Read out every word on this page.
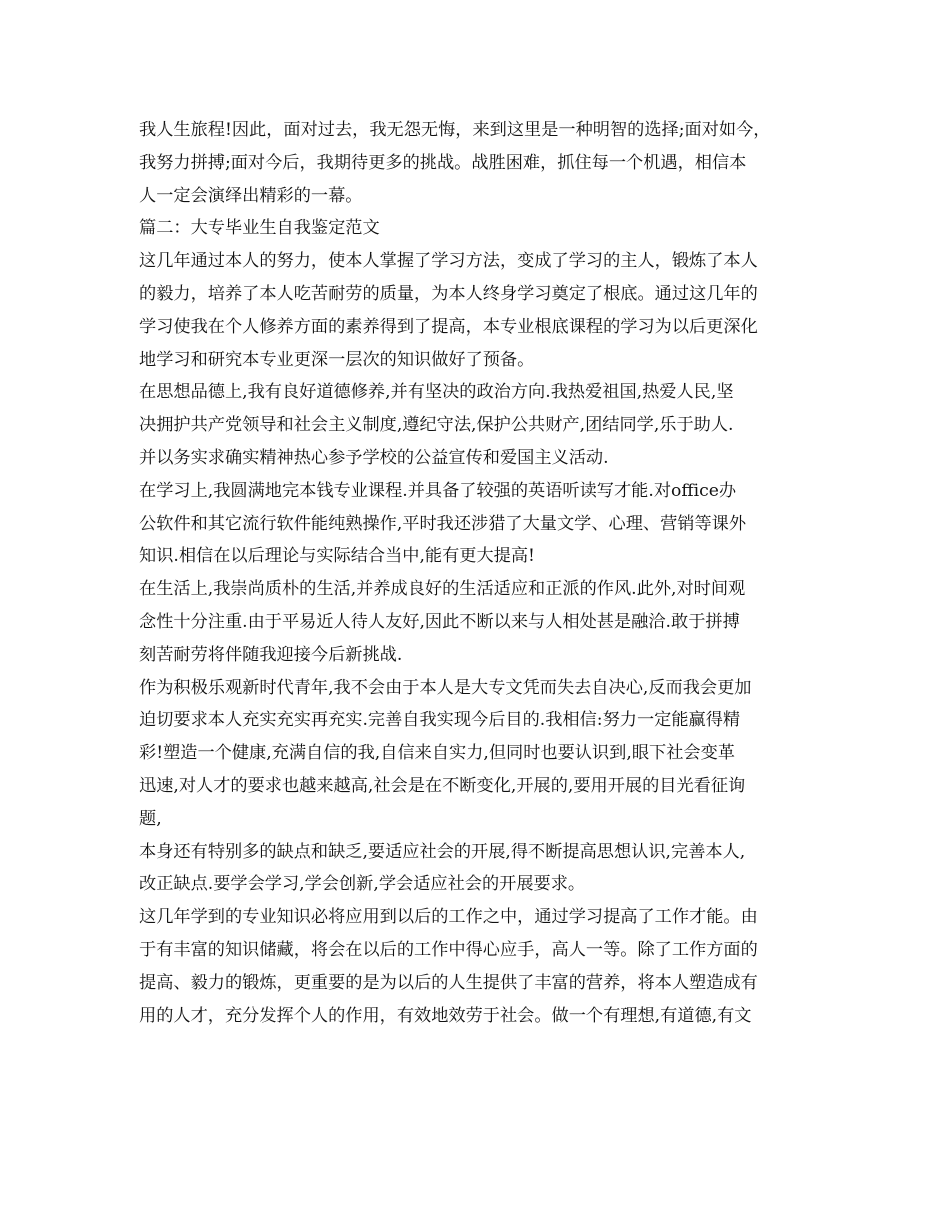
我人生旅程!因此，面对过去，我无怨无悔，来到这里是一种明智的选择;面对如今，
我努力拼搏;面对今后，我期待更多的挑战。战胜困难，抓住每一个机遇，相信本
人一定会演绎出精彩的一幕。
篇二：大专毕业生自我鉴定范文
这几年通过本人的努力，使本人掌握了学习方法，变成了学习的主人，锻炼了本人
的毅力，培养了本人吃苦耐劳的质量，为本人终身学习奠定了根底。通过这几年的
学习使我在个人修养方面的素养得到了提高，本专业根底课程的学习为以后更深化
地学习和研究本专业更深一层次的知识做好了预备。
在思想品德上,我有良好道德修养,并有坚决的政治方向.我热爱祖国,热爱人民,坚
决拥护共产党领导和社会主义制度,遵纪守法,保护公共财产,团结同学,乐于助人.
并以务实求确实精神热心参予学校的公益宣传和爱国主义活动.
在学习上,我圆满地完本钱专业课程.并具备了较强的英语听读写才能.对office办
公软件和其它流行软件能纯熟操作,平时我还涉猎了大量文学、心理、营销等课外
知识.相信在以后理论与实际结合当中,能有更大提高!
在生活上,我崇尚质朴的生活,并养成良好的生活适应和正派的作风.此外,对时间观
念性十分注重.由于平易近人待人友好,因此不断以来与人相处甚是融洽.敢于拼搏
刻苦耐劳将伴随我迎接今后新挑战.
作为积极乐观新时代青年,我不会由于本人是大专文凭而失去自决心,反而我会更加
迫切要求本人充实充实再充实.完善自我实现今后目的.我相信:努力一定能赢得精
彩!塑造一个健康,充满自信的我,自信来自实力,但同时也要认识到,眼下社会变革
迅速,对人才的要求也越来越高,社会是在不断变化,开展的,要用开展的目光看征询
题,
本身还有特别多的缺点和缺乏,要适应社会的开展,得不断提高思想认识,完善本人,
改正缺点.要学会学习,学会创新,学会适应社会的开展要求。
这几年学到的专业知识必将应用到以后的工作之中，通过学习提高了工作才能。由
于有丰富的知识储藏，将会在以后的工作中得心应手，高人一等。除了工作方面的
提高、毅力的锻炼，更重要的是为以后的人生提供了丰富的营养，将本人塑造成有
用的人才，充分发挥个人的作用，有效地效劳于社会。做一个有理想,有道德,有文
